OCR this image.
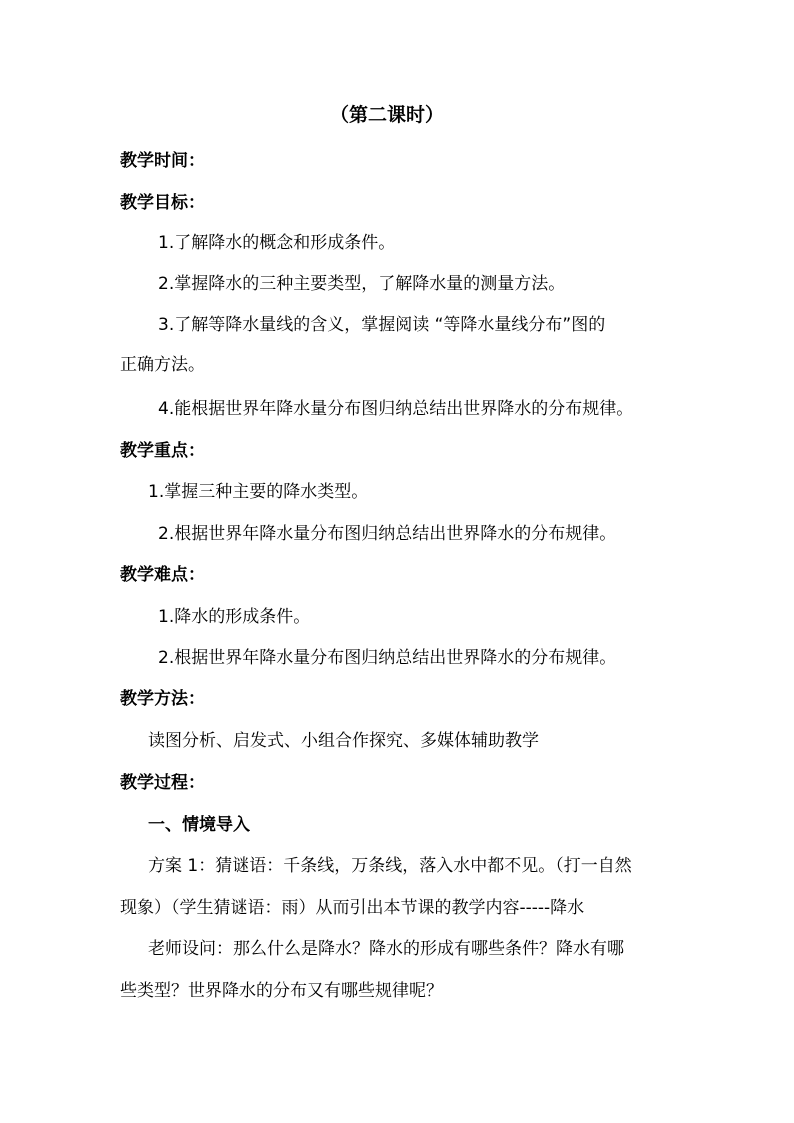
（第二课时）
教学时间：
教学目标：
1.了解降水的概念和形成条件。
2.掌握降水的三种主要类型，了解降水量的测量方法。
3.了解等降水量线的含义，掌握阅读 “等降水量线分布”图的
正确方法。
4.能根据世界年降水量分布图归纳总结出世界降水的分布规律。
教学重点：
1.掌握三种主要的降水类型。
2.根据世界年降水量分布图归纳总结出世界降水的分布规律。
教学难点：
1.降水的形成条件。
2.根据世界年降水量分布图归纳总结出世界降水的分布规律。
教学方法：
读图分析、启发式、小组合作探究、多媒体辅助教学
教学过程：
一、情境导入
方案 1：猜谜语：千条线，万条线，落入水中都不见。（打一自然
现象）（学生猜谜语：雨）从而引出本节课的教学内容-----降水
老师设问：那么什么是降水？降水的形成有哪些条件？降水有哪
些类型？世界降水的分布又有哪些规律呢？
